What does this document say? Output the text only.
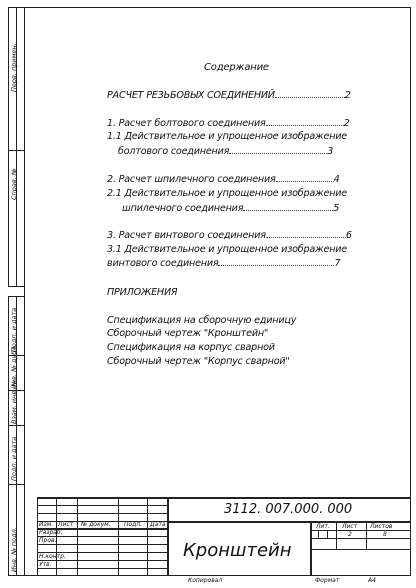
Перв. примен.
Справ. №
Подп. и дата
Инв. № дубл.
Взам. инв. №
Подп. и дата
Инв. № подл.
Содержание
РАСЧЕТ РЕЗЬБОВЫХ СОЕДИНЕНИЙ	2
1. Расчет болтового соединения	2
1.1 Действительное и упрощенное изображение
болтового соединения	3
2. Расчет шпилечного соединения	4
2.1 Действительное и упрощенное изображение
шпилечного соединения	5
3. Расчет винтового соединения	6
3.1 Действительное и упрощенное изображение
винтового соединения	7
ПРИЛОЖЕНИЯ
Спецификация на сборочную единицу
Сборочный чертеж "Кронштейн"
Спецификация на корпус сварной
Сборочный чертеж "Корпус сварной"
Изм. Лист № докум. Подп. Дата
Разраб.
Пров.
Н.контр.
Утв.
3112. 007.000. 000
Кронштейн
Лит. Лист Листов
2	8
Копировал	Формат	А4
